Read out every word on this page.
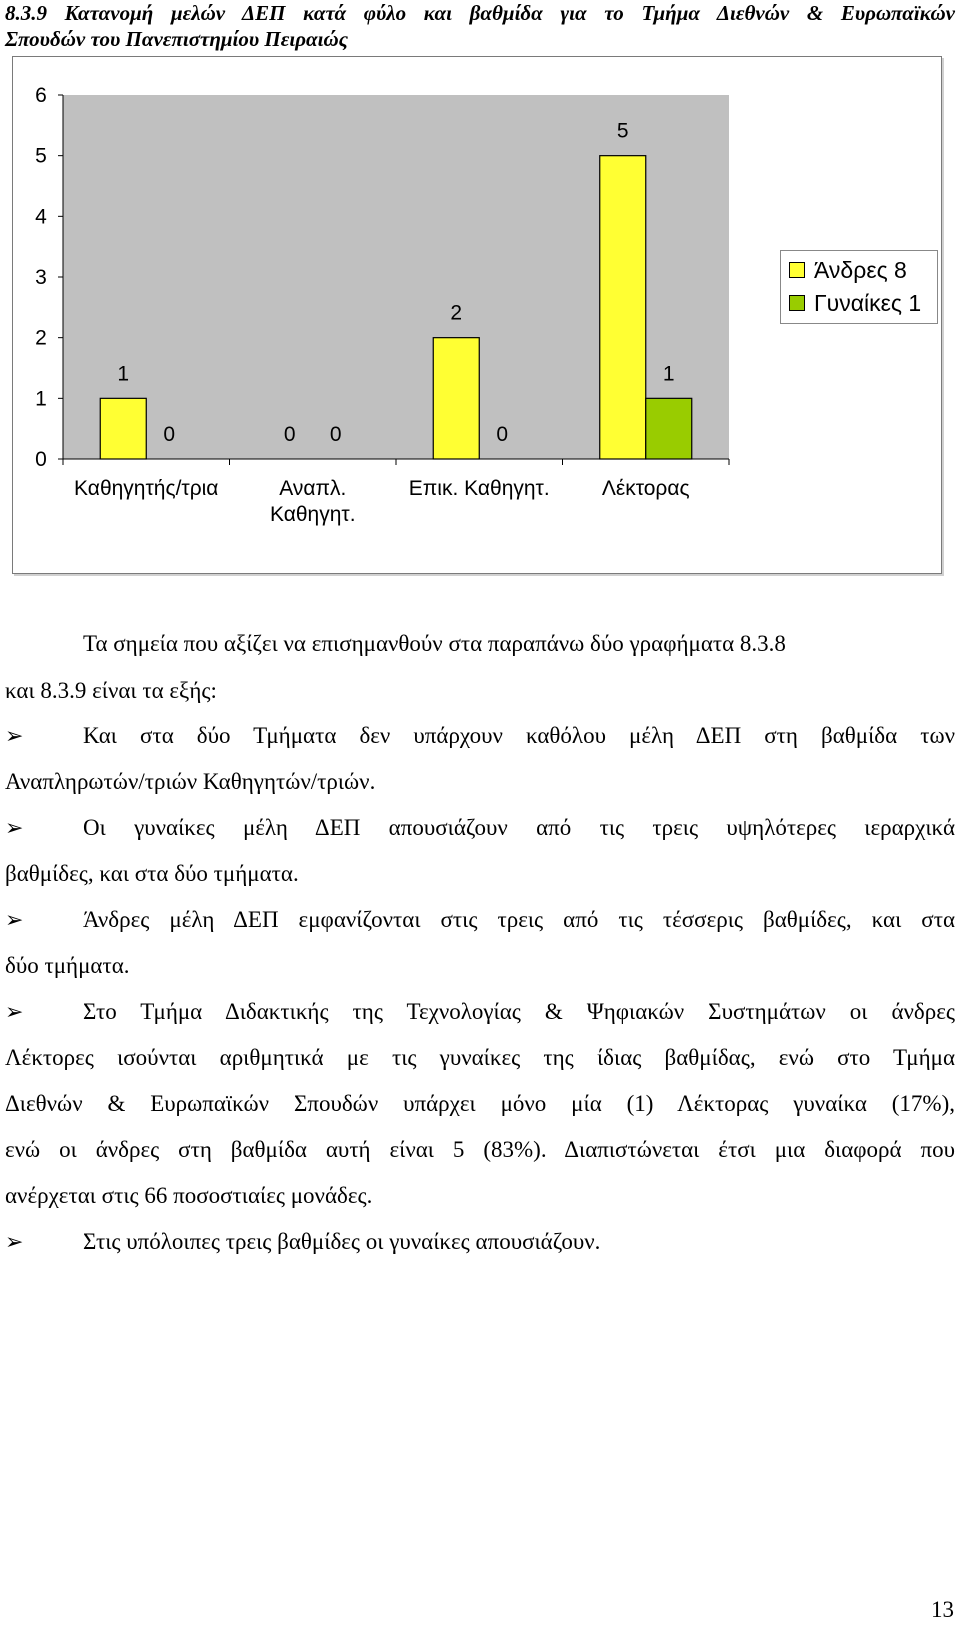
8.3.9 Κατανομή μελών ΔΕΠ κατά φύλο και βαθμίδα για το Τμήμα Διεθνών & Ευρωπαϊκών
Σπουδών του Πανεπιστημίου Πειραιώς
0
1
2
3
4
5
6
1
0
Καθηγητής/τρια
0 0
Αναπλ.
Καθηγητ.
2
0
Επικ. Καθηγητ.
5
1
Λέκτορας
Άνδρες 8
Γυναίκες 1
Τα σημεία που αξίζει να επισημανθούν στα παραπάνω δύο γραφήματα 8.3.8
και 8.3.9 είναι τα εξής:
➢	Και στα δύο Τμήματα δεν υπάρχουν καθόλου μέλη ΔΕΠ στη βαθμίδα των
Αναπληρωτών/τριών Καθηγητών/τριών.
➢	Οι γυναίκες μέλη ΔΕΠ απουσιάζουν από τις τρεις υψηλότερες ιεραρχικά
βαθμίδες, και στα δύο τμήματα.
➢	Άνδρες μέλη ΔΕΠ εμφανίζονται στις τρεις από τις τέσσερις βαθμίδες, και στα
δύο τμήματα.
➢	Στο Τμήμα Διδακτικής της Τεχνολογίας & Ψηφιακών Συστημάτων οι άνδρες
Λέκτορες ισούνται αριθμητικά με τις γυναίκες της ίδιας βαθμίδας, ενώ στο Τμήμα
Διεθνών & Ευρωπαϊκών Σπουδών υπάρχει μόνο μία (1) Λέκτορας γυναίκα (17%),
ενώ οι άνδρες στη βαθμίδα αυτή είναι 5 (83%). Διαπιστώνεται έτσι μια διαφορά που
ανέρχεται στις 66 ποσοστιαίες μονάδες.
➢	Στις υπόλοιπες τρεις βαθμίδες οι γυναίκες απουσιάζουν.
13
